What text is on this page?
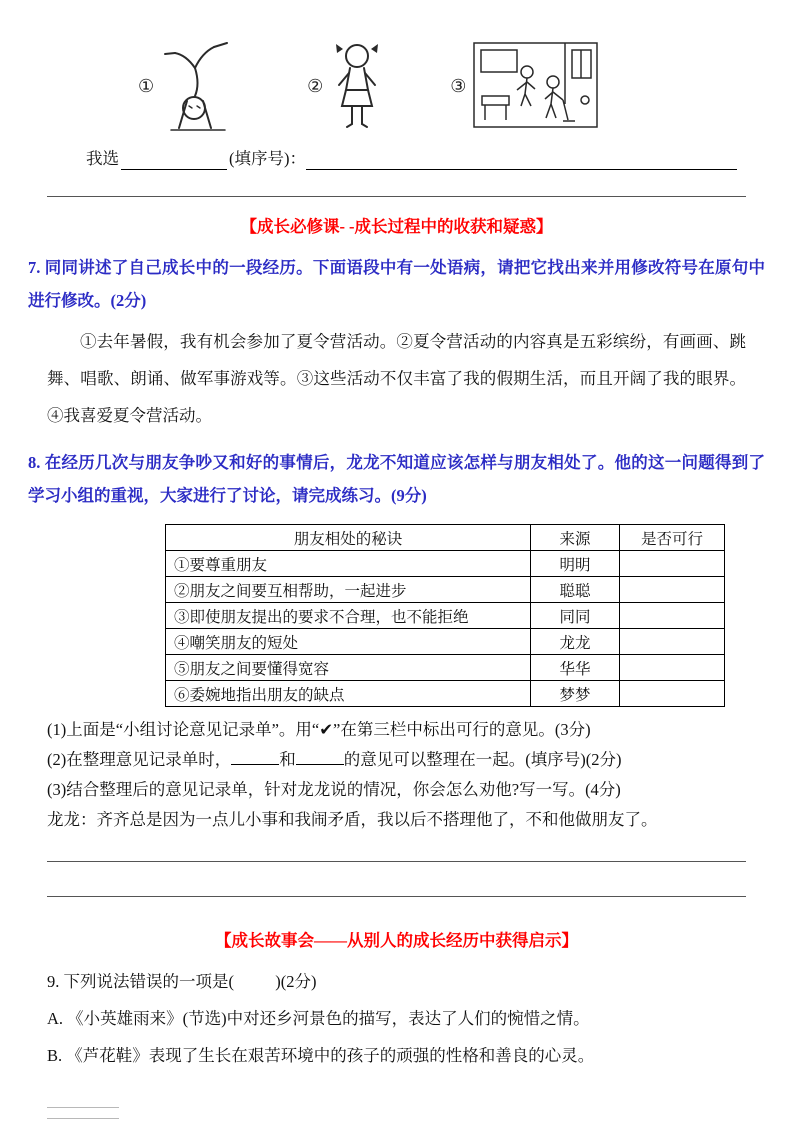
①	②	③
我选	(填序号)：
【成长必修课- -成长过程中的收获和疑惑】

7. 同同讲述了自己成长中的一段经历。下面语段中有一处语病，请把它找出来并用修改符号在原句中进行修改。(2分)

①去年暑假，我有机会参加了夏令营活动。②夏令营活动的内容真是五彩缤纷，有画画、跳舞、唱歌、朗诵、做军事游戏等。③这些活动不仅丰富了我的假期生活，而且开阔了我的眼界。④我喜爱夏令营活动。

8. 在经历几次与朋友争吵又和好的事情后，龙龙不知道应该怎样与朋友相处了。他的这一问题得到了学习小组的重视，大家进行了讨论，请完成练习。(9分)

朋友相处的秘诀	来源	是否可行
①要尊重朋友	明明	
②朋友之间要互相帮助，一起进步	聪聪	
③即使朋友提出的要求不合理，也不能拒绝	同同	
④嘲笑朋友的短处	龙龙	
⑤朋友之间要懂得宽容	华华	
⑥委婉地指出朋友的缺点	梦梦	

(1)上面是“小组讨论意见记录单”。用“✔”在第三栏中标出可行的意见。(3分)

(2)在整理意见记录单时，	和	的意见可以整理在一起。(填序号)(2分)

(3)结合整理后的意见记录单，针对龙龙说的情况，你会怎么劝他?写一写。(4分)

龙龙：齐齐总是因为一点儿小事和我闹矛盾，我以后不搭理他了，不和他做朋友了。

【成长故事会——从别人的成长经历中获得启示】

9. 下列说法错误的一项是(          )(2分)

A. 《小英雄雨来》(节选)中对还乡河景色的描写，表达了人们的惋惜之情。

B. 《芦花鞋》表现了生长在艰苦环境中的孩子的顽强的性格和善良的心灵。
